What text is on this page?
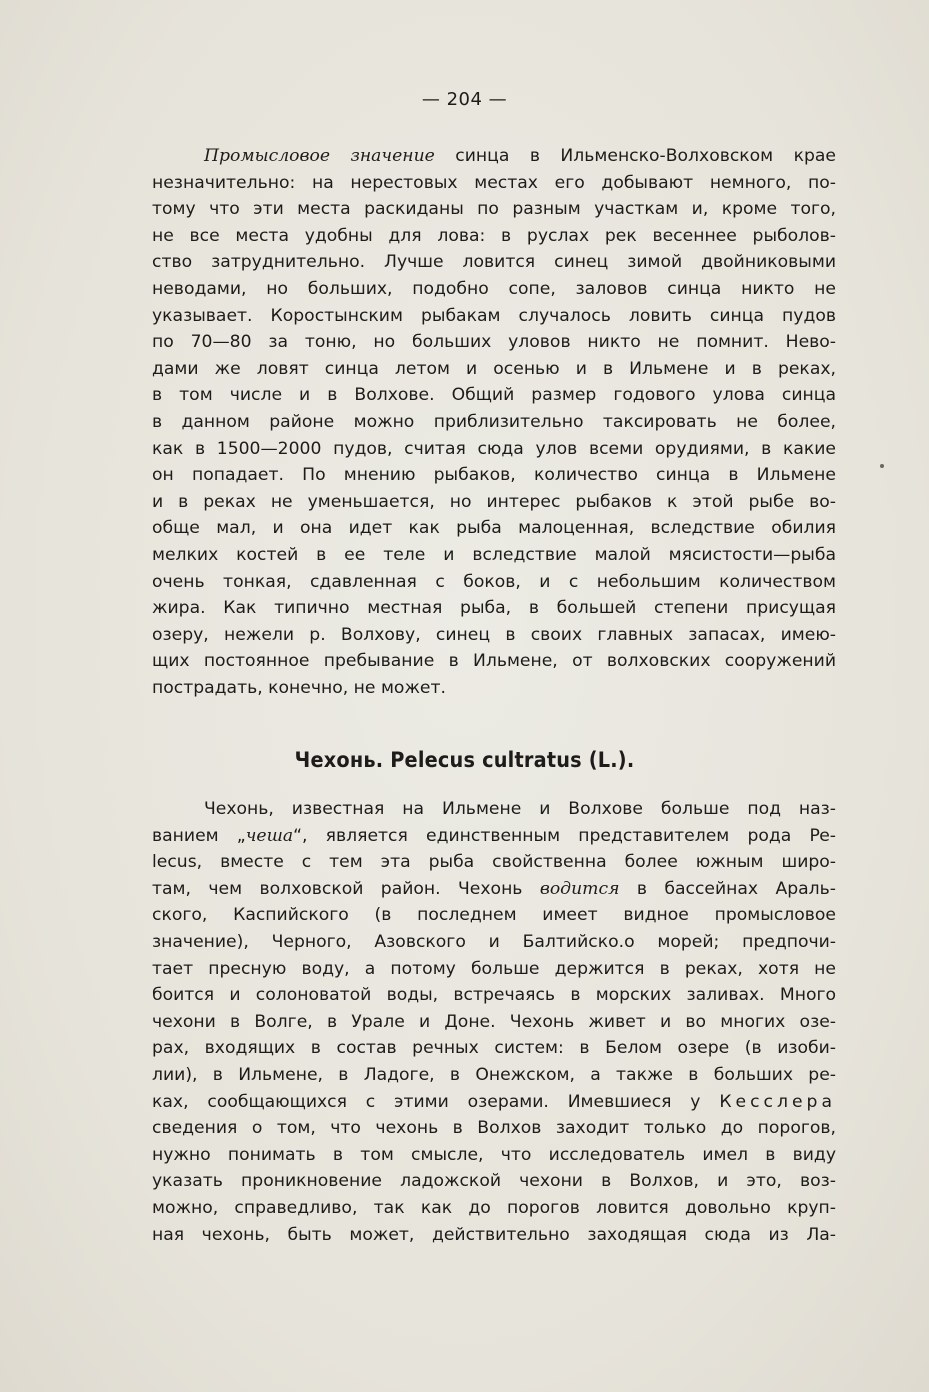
— 204 —
Промысловое значение синца в Ильменско-Волховском крае
незначительно: на нерестовых местах его добывают немного, по-
тому что эти места раскиданы по разным участкам и, кроме того,
не все места удобны для лова: в руслах рек весеннее рыболов-
ство затруднительно. Лучше ловится синец зимой двойниковыми
неводами, но больших, подобно сопе, заловов синца никто не
указывает. Коростынским рыбакам случалось ловить синца пудов
по 70—80 за тоню, но больших уловов никто не помнит. Нево-
дами же ловят синца летом и осенью и в Ильмене и в реках,
в том числе и в Волхове. Общий размер годового улова синца
в данном районе можно приблизительно таксировать не более,
как в 1500—2000 пудов, считая сюда улов всеми орудиями, в какие
он попадает. По мнению рыбаков, количество синца в Ильмене
и в реках не уменьшается, но интерес рыбаков к этой рыбе во-
обще мал, и она идет как рыба малоценная, вследствие обилия
мелких костей в ее теле и вследствие малой мясистости—рыба
очень тонкая, сдавленная с боков, и с небольшим количеством
жира. Как типично местная рыба, в большей степени присущая
озеру, нежели р. Волхову, синец в своих главных запасах, имею-
щих постоянное пребывание в Ильмене, от волховских сооружений
пострадать, конечно, не может.
Чехонь. Pelecus cultratus (L.).
Чехонь, известная на Ильмене и Волхове больше под наз-
ванием „чеша“, является единственным представителем рода Pe-
lecus, вместе с тем эта рыба свойственна более южным широ-
там, чем волховской район. Чехонь водится в бассейнах Араль-
ского, Каспийского (в последнем имеет видное промысловое
значение), Черного, Азовского и Балтийско.о морей; предпочи-
тает пресную воду, а потому больше держится в реках, хотя не
боится и солоноватой воды, встречаясь в морских заливах. Много
чехони в Волге, в Урале и Доне. Чехонь живет и во многих озе-
рах, входящих в состав речных систем: в Белом озере (в изоби-
лии), в Ильмене, в Ладоге, в Онежском, а также в больших ре-
ках, сообщающихся с этими озерами. Имевшиеся у Кесслера
сведения о том, что чехонь в Волхов заходит только до порогов,
нужно понимать в том смысле, что исследователь имел в виду
указать проникновение ладожской чехони в Волхов, и это, воз-
можно, справедливо, так как до порогов ловится довольно круп-
ная чехонь, быть может, действительно заходящая сюда из Ла-
